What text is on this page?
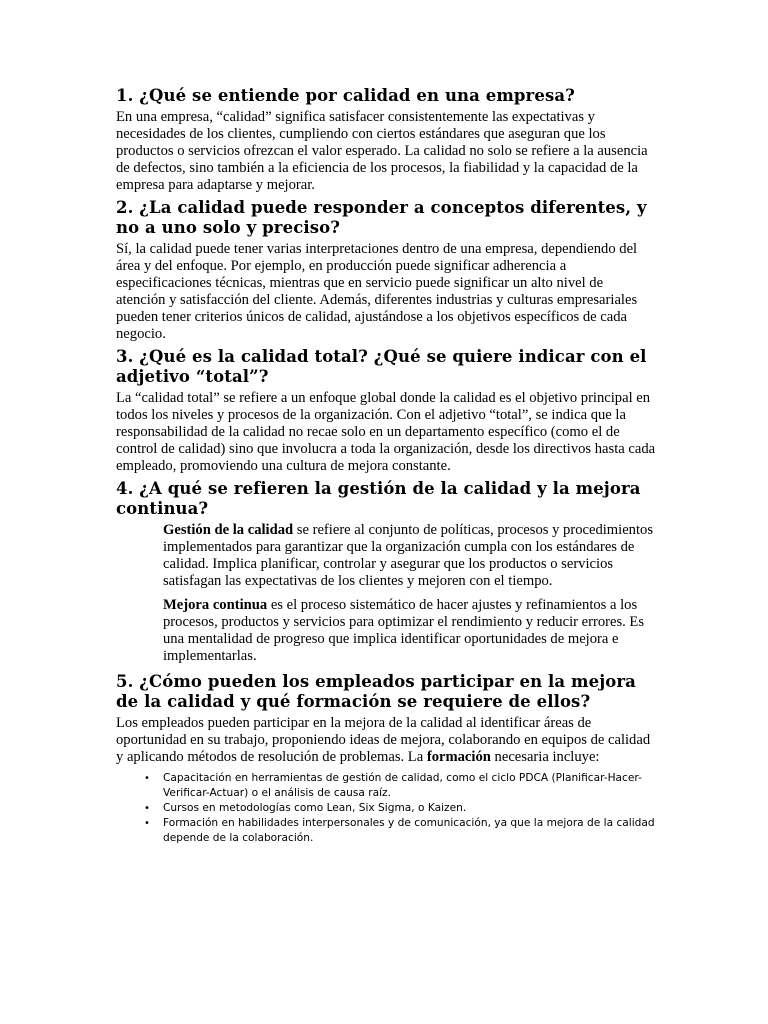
1. ¿Qué se entiende por calidad en una empresa?

En una empresa, “calidad” significa satisfacer consistentemente las expectativas y necesidades de los clientes, cumpliendo con ciertos estándares que aseguran que los productos o servicios ofrezcan el valor esperado. La calidad no solo se refiere a la ausencia de defectos, sino también a la eficiencia de los procesos, la fiabilidad y la capacidad de la empresa para adaptarse y mejorar.

2. ¿La calidad puede responder a conceptos diferentes, y no a uno solo y preciso?

Sí, la calidad puede tener varias interpretaciones dentro de una empresa, dependiendo del área y del enfoque. Por ejemplo, en producción puede significar adherencia a especificaciones técnicas, mientras que en servicio puede significar un alto nivel de atención y satisfacción del cliente. Además, diferentes industrias y culturas empresariales pueden tener criterios únicos de calidad, ajustándose a los objetivos específicos de cada negocio.

3. ¿Qué es la calidad total? ¿Qué se quiere indicar con el adjetivo “total”?

La “calidad total” se refiere a un enfoque global donde la calidad es el objetivo principal en todos los niveles y procesos de la organización. Con el adjetivo “total”, se indica que la responsabilidad de la calidad no recae solo en un departamento específico (como el de control de calidad) sino que involucra a toda la organización, desde los directivos hasta cada empleado, promoviendo una cultura de mejora constante.

4. ¿A qué se refieren la gestión de la calidad y la mejora continua?

Gestión de la calidad se refiere al conjunto de políticas, procesos y procedimientos implementados para garantizar que la organización cumpla con los estándares de calidad. Implica planificar, controlar y asegurar que los productos o servicios satisfagan las expectativas de los clientes y mejoren con el tiempo.

Mejora continua es el proceso sistemático de hacer ajustes y refinamientos a los procesos, productos y servicios para optimizar el rendimiento y reducir errores. Es una mentalidad de progreso que implica identificar oportunidades de mejora e implementarlas.

5. ¿Cómo pueden los empleados participar en la mejora de la calidad y qué formación se requiere de ellos?

Los empleados pueden participar en la mejora de la calidad al identificar áreas de oportunidad en su trabajo, proponiendo ideas de mejora, colaborando en equipos de calidad y aplicando métodos de resolución de problemas. La formación necesaria incluye:

• Capacitación en herramientas de gestión de calidad, como el ciclo PDCA (Planificar-Hacer-Verificar-Actuar) o el análisis de causa raíz.
• Cursos en metodologías como Lean, Six Sigma, o Kaizen.
• Formación en habilidades interpersonales y de comunicación, ya que la mejora de la calidad depende de la colaboración.
